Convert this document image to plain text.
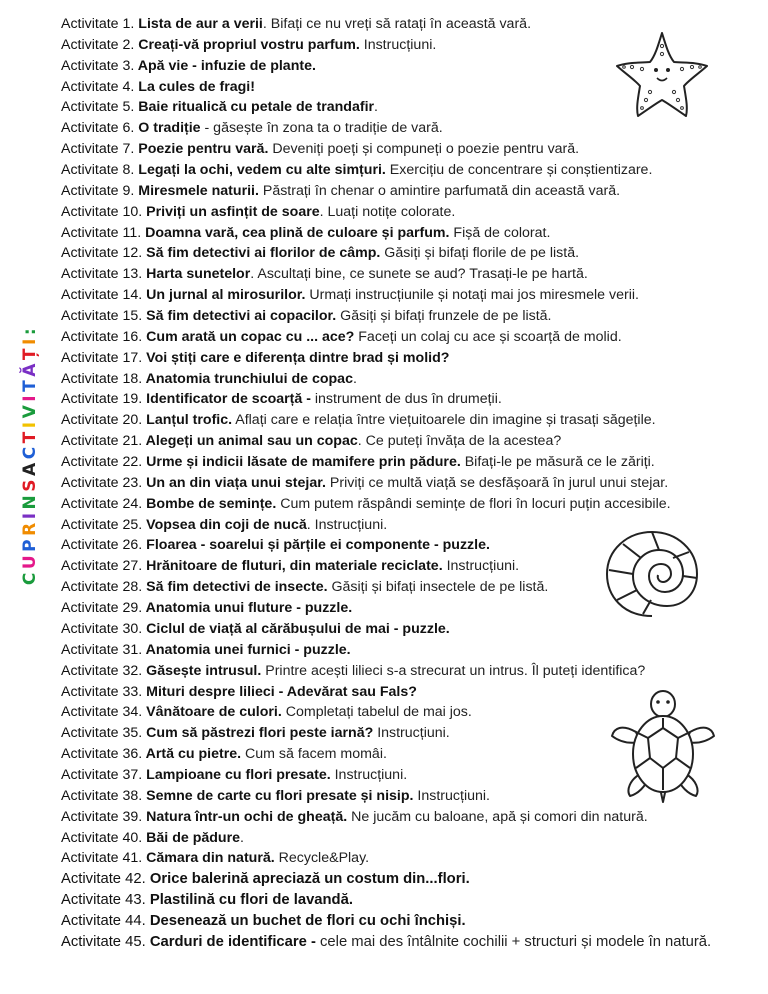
CUPRINSACTIVITĂȚI:
Activitate 1. Lista de aur a verii. Bifați ce nu vreți să ratați în această vară.
Activitate 2. Creați-vă propriul vostru parfum. Instrucțiuni.
Activitate 3. Apă vie - infuzie de plante.
Activitate 4. La cules de fragi!
Activitate 5. Baie ritualică cu petale de trandafir.
Activitate 6. O tradiție - găsește în zona ta o tradiție de vară.
Activitate 7. Poezie pentru vară. Deveniți poeți și compuneți o poezie pentru vară.
Activitate 8. Legați la ochi, vedem cu alte simțuri. Exercițiu de concentrare și conștientizare.
Activitate 9. Miresmele naturii. Păstrați în chenar o amintire parfumată din această vară.
Activitate 10. Priviți un asfințit de soare. Luați notițe colorate.
Activitate 11. Doamna vară, cea plină de culoare și parfum. Fișă de colorat.
Activitate 12. Să fim detectivi ai florilor de câmp. Găsiți și bifați florile de pe listă.
Activitate 13. Harta sunetelor. Ascultați bine, ce sunete se aud? Trasați-le pe hartă.
Activitate 14. Un jurnal al mirosurilor. Urmați instrucțiunile și notați mai jos miresmele verii.
Activitate 15. Să fim detectivi ai copacilor. Găsiți și bifați frunzele de pe listă.
Activitate 16. Cum arată un copac cu ... ace? Faceți un colaj cu ace și scoarță de molid.
Activitate 17. Voi știți care e diferența dintre brad și molid?
Activitate 18. Anatomia trunchiului de copac.
Activitate 19. Identificator de scoarță - instrument de dus în drumeții.
Activitate 20. Lanțul trofic. Aflați care e relația între viețuitoarele din imagine și trasați săgețile.
Activitate 21. Alegeți un animal sau un copac. Ce puteți învăța de la acestea?
Activitate 22. Urme și indicii lăsate de mamifere prin pădure. Bifați-le pe măsură ce le zăriți.
Activitate 23. Un an din viața unui stejar. Priviți ce multă viață se desfășoară în jurul unui stejar.
Activitate 24. Bombe de semințe. Cum putem răspândi semințe de flori în locuri puțin accesibile.
Activitate 25. Vopsea din coji de nucă. Instrucțiuni.
Activitate 26. Floarea - soarelui și părțile ei componente - puzzle.
Activitate 27. Hrănitoare de fluturi, din materiale reciclate. Instrucțiuni.
Activitate 28. Să fim detectivi de insecte. Găsiți și bifați insectele de pe listă.
Activitate 29. Anatomia unui fluture - puzzle.
Activitate 30. Ciclul de viață al cărăbușului de mai - puzzle.
Activitate 31. Anatomia unei furnici - puzzle.
Activitate 32. Găsește intrusul. Printre acești lilieci s-a strecurat un intrus. Îl puteți identifica?
Activitate 33. Mituri despre lilieci - Adevărat sau Fals?
Activitate 34. Vânătoare de culori. Completați tabelul de mai jos.
Activitate 35. Cum să păstrezi flori peste iarnă? Instrucțiuni.
Activitate 36. Artă cu pietre. Cum să facem momâi.
Activitate 37. Lampioane cu flori presate. Instrucțiuni.
Activitate 38. Semne de carte cu flori presate și nisip. Instrucțiuni.
Activitate 39. Natura într-un ochi de gheață. Ne jucăm cu baloane, apă și comori din natură.
Activitate 40. Băi de pădure.
Activitate 41. Cămara din natură. Recycle&Play.
Activitate 42. Orice balerină apreciază un costum din...flori.
Activitate 43. Plastilină cu flori de lavandă.
Activitate 44. Desenează un buchet de flori cu ochi închiși.
Activitate 45. Carduri de identificare - cele mai des întâlnite cochilii + structuri și modele în natură.
